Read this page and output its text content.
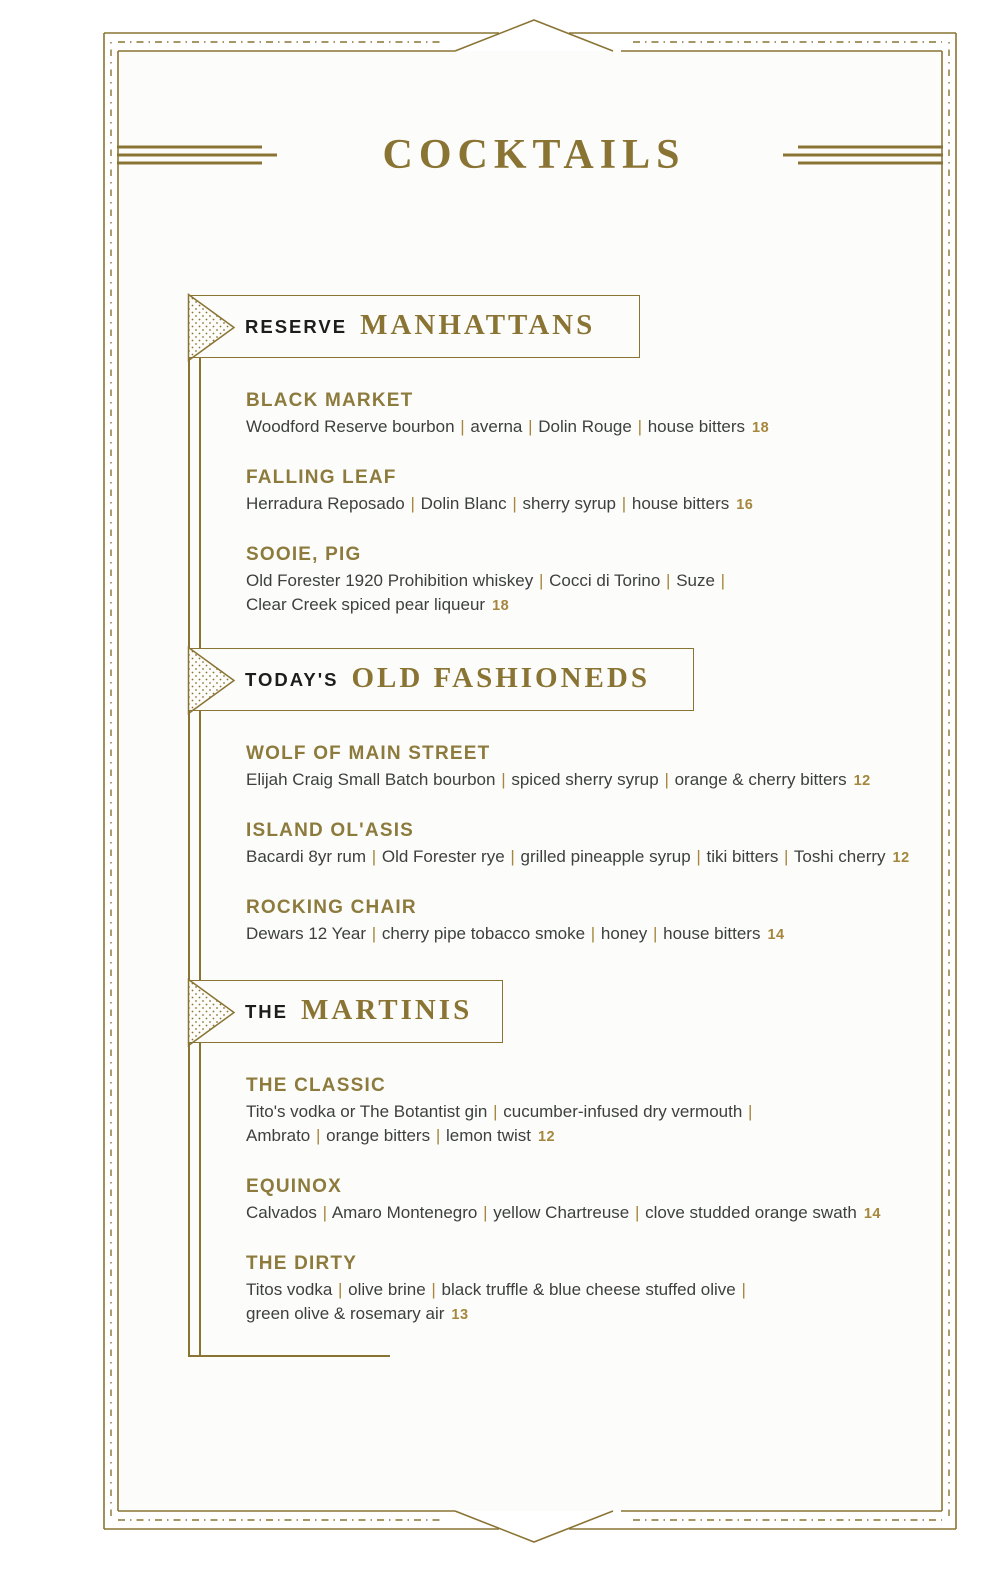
COCKTAILS
RESERVE MANHATTANS
BLACK MARKET
Woodford Reserve bourbon | averna | Dolin Rouge | house bitters 18
FALLING LEAF
Herradura Reposado | Dolin Blanc | sherry syrup | house bitters 16
SOOIE, PIG
Old Forester 1920 Prohibition whiskey | Cocci di Torino | Suze |
Clear Creek spiced pear liqueur 18
TODAY'S OLD FASHIONEDS
WOLF OF MAIN STREET
Elijah Craig Small Batch bourbon | spiced sherry syrup | orange & cherry bitters 12
ISLAND OL'ASIS
Bacardi 8yr rum | Old Forester rye | grilled pineapple syrup | tiki bitters | Toshi cherry 12
ROCKING CHAIR
Dewars 12 Year | cherry pipe tobacco smoke | honey | house bitters 14
THE MARTINIS
THE CLASSIC
Tito's vodka or The Botantist gin | cucumber-infused dry vermouth |
Ambrato | orange bitters | lemon twist 12
EQUINOX
Calvados | Amaro Montenegro | yellow Chartreuse | clove studded orange swath 14
THE DIRTY
Titos vodka | olive brine | black truffle & blue cheese stuffed olive |
green olive & rosemary air 13
